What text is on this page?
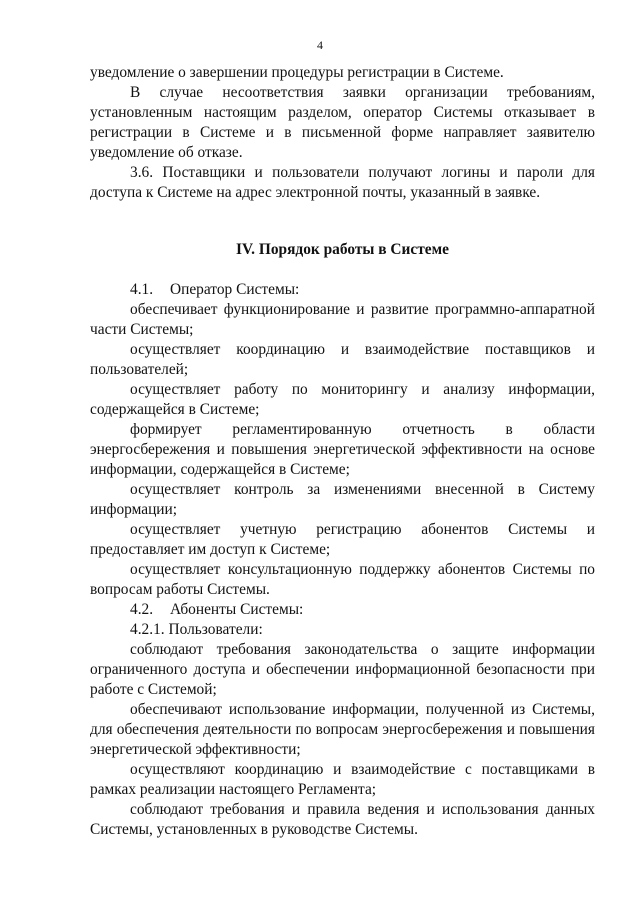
4

уведомление о завершении процедуры регистрации в Системе.

В случае несоответствия заявки организации требованиям, установленным настоящим разделом, оператор Системы отказывает в регистрации в Системе и в письменной форме направляет заявителю уведомление об отказе.

3.6. Поставщики и пользователи получают логины и пароли для доступа к Системе на адрес электронной почты, указанный в заявке.

IV. Порядок работы в Системе

4.1.	Оператор Системы:

обеспечивает функционирование и развитие программно-аппаратной части Системы;

осуществляет координацию и взаимодействие поставщиков и пользователей;

осуществляет работу по мониторингу и анализу информации, содержащейся в Системе;

формирует регламентированную отчетность в области энергосбережения и повышения энергетической эффективности на основе информации, содержащейся в Системе;

осуществляет контроль за изменениями внесенной в Систему информации;

осуществляет учетную регистрацию абонентов Системы и предоставляет им доступ к Системе;

осуществляет консультационную поддержку абонентов Системы по вопросам работы Системы.

4.2.	Абоненты Системы:

4.2.1. Пользователи:

соблюдают требования законодательства о защите информации ограниченного доступа и обеспечении информационной безопасности при работе с Системой;

обеспечивают использование информации, полученной из Системы, для обеспечения деятельности по вопросам энергосбережения и повышения энергетической эффективности;

осуществляют координацию и взаимодействие с поставщиками в рамках реализации настоящего Регламента;

соблюдают требования и правила ведения и использования данных Системы, установленных в руководстве Системы.
